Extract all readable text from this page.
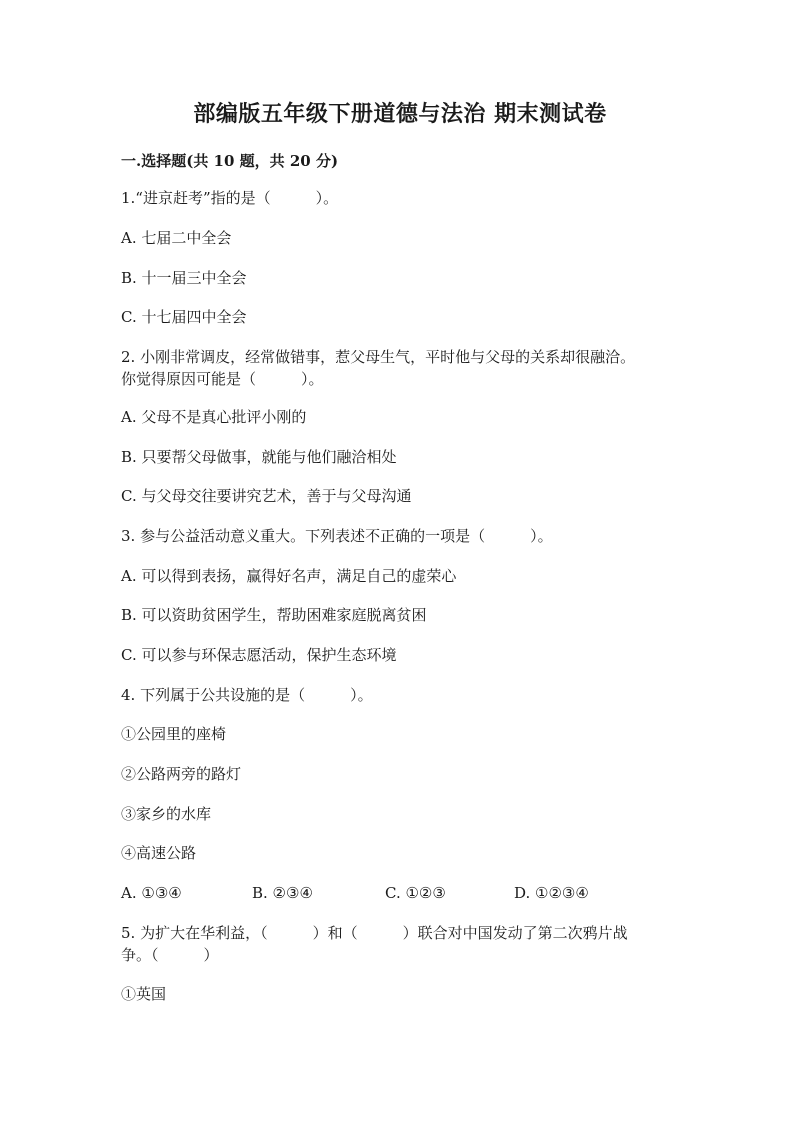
部编版五年级下册道德与法治 期末测试卷
一.选择题(共 10 题，共 20 分)
1.“进京赶考”指的是（　　　）。
A. 七届二中全会
B. 十一届三中全会
C. 十七届四中全会
2. 小刚非常调皮，经常做错事，惹父母生气，平时他与父母的关系却很融洽。
你觉得原因可能是（　　　）。
A. 父母不是真心批评小刚的
B. 只要帮父母做事，就能与他们融洽相处
C. 与父母交往要讲究艺术，善于与父母沟通
3. 参与公益活动意义重大。下列表述不正确的一项是（　　　）。
A. 可以得到表扬，赢得好名声，满足自己的虚荣心
B. 可以资助贫困学生，帮助困难家庭脱离贫困
C. 可以参与环保志愿活动，保护生态环境
4. 下列属于公共设施的是（　　　）。
①公园里的座椅
②公路两旁的路灯
③家乡的水库
④高速公路
A. ①③④	B. ②③④	C. ①②③	D. ①②③④
5. 为扩大在华利益，（　　　）和（　　　）联合对中国发动了第二次鸦片战
争。（　　　）
①英国
